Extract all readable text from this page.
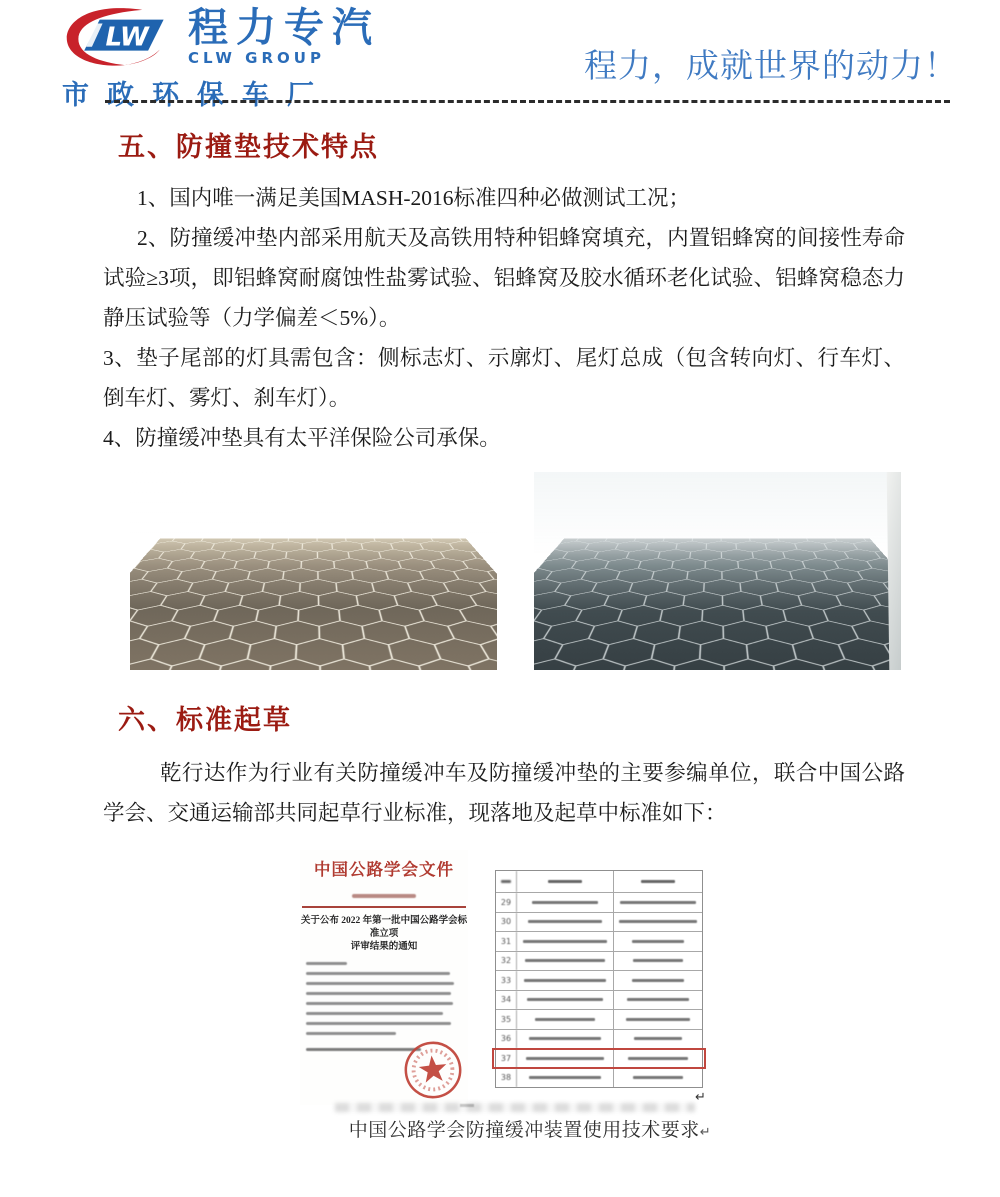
LW 程力专汽
CLW GROUP
市政环保车厂
程力，成就世界的动力！
五、防撞垫技术特点

1、国内唯一满足美国MASH-2016标准四种必做测试工况；

2、防撞缓冲垫内部采用航天及高铁用特种铝蜂窝填充，内置铝蜂窝的间接性寿命试验≥3项，即铝蜂窝耐腐蚀性盐雾试验、铝蜂窝及胶水循环老化试验、铝蜂窝稳态力静压试验等（力学偏差＜5%）。

3、垫子尾部的灯具需包含：侧标志灯、示廓灯、尾灯总成（包含转向灯、行车灯、倒车灯、雾灯、刹车灯）。

4、防撞缓冲垫具有太平洋保险公司承保。

六、标准起草

乾行达作为行业有关防撞缓冲车及防撞缓冲垫的主要参编单位，联合中国公路学会、交通运输部共同起草行业标准，现落地及起草中标准如下：

中国公路学会文件
关于公布 2022 年第一批中国公路学会标准立项
评审结果的通知
29
30
31
32
33
34
35
36
37
38
↵
中国公路学会防撞缓冲装置使用技术要求↵
